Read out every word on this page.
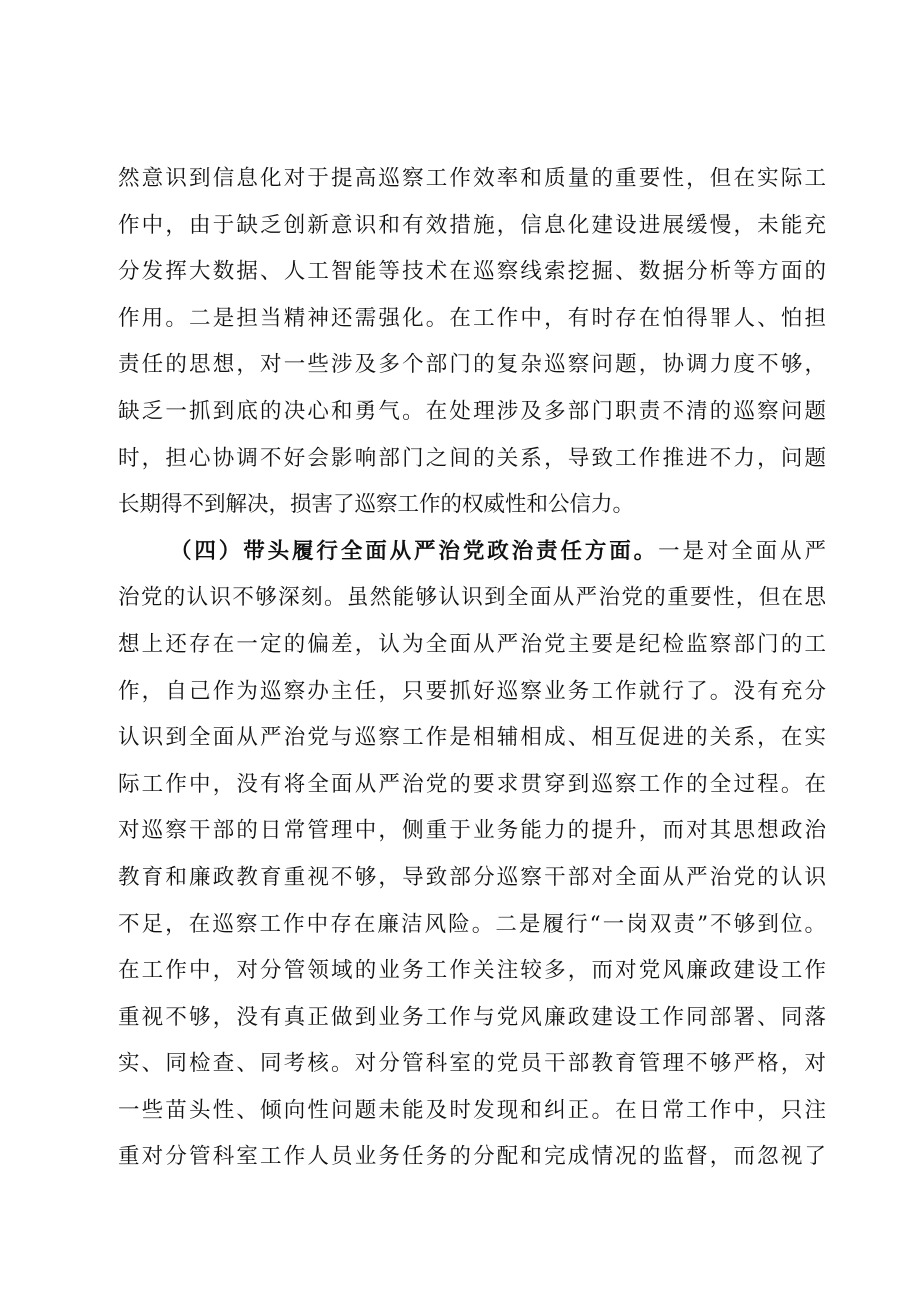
然意识到信息化对于提高巡察工作效率和质量的重要性，但在实际工
作中，由于缺乏创新意识和有效措施，信息化建设进展缓慢，未能充
分发挥大数据、人工智能等技术在巡察线索挖掘、数据分析等方面的
作用。二是担当精神还需强化。在工作中，有时存在怕得罪人、怕担
责任的思想，对一些涉及多个部门的复杂巡察问题，协调力度不够，
缺乏一抓到底的决心和勇气。在处理涉及多部门职责不清的巡察问题
时，担心协调不好会影响部门之间的关系，导致工作推进不力，问题
长期得不到解决，损害了巡察工作的权威性和公信力。
（四）带头履行全面从严治党政治责任方面。一是对全面从严
治党的认识不够深刻。虽然能够认识到全面从严治党的重要性，但在思
想上还存在一定的偏差，认为全面从严治党主要是纪检监察部门的工
作，自己作为巡察办主任，只要抓好巡察业务工作就行了。没有充分
认识到全面从严治党与巡察工作是相辅相成、相互促进的关系，在实
际工作中，没有将全面从严治党的要求贯穿到巡察工作的全过程。在
对巡察干部的日常管理中，侧重于业务能力的提升，而对其思想政治
教育和廉政教育重视不够，导致部分巡察干部对全面从严治党的认识
不足，在巡察工作中存在廉洁风险。二是履行“一岗双责”不够到位。
在工作中，对分管领域的业务工作关注较多，而对党风廉政建设工作
重视不够，没有真正做到业务工作与党风廉政建设工作同部署、同落
实、同检查、同考核。对分管科室的党员干部教育管理不够严格，对
一些苗头性、倾向性问题未能及时发现和纠正。在日常工作中，只注
重对分管科室工作人员业务任务的分配和完成情况的监督，而忽视了
